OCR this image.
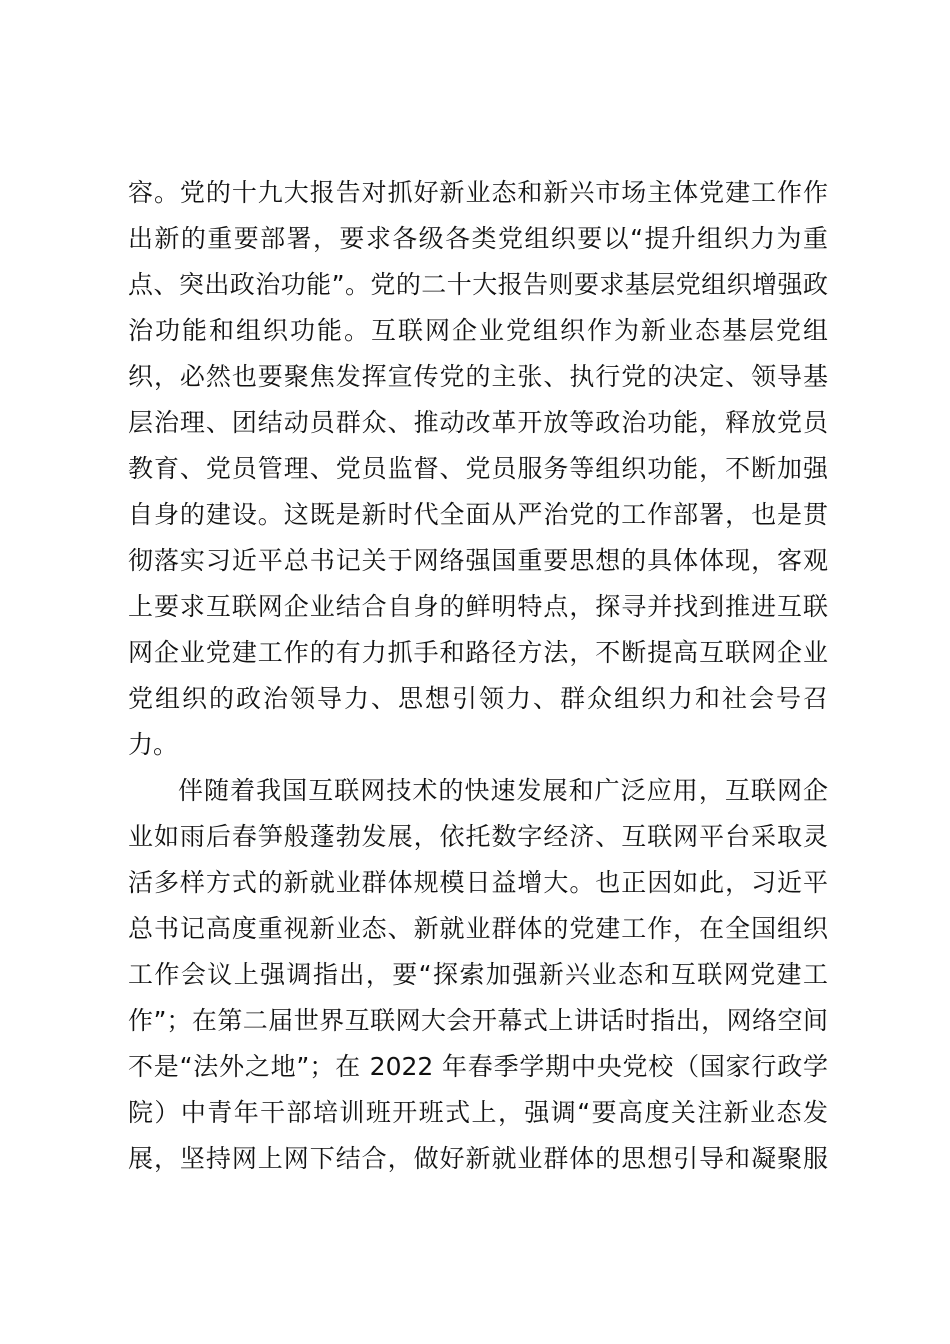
容。党的十九大报告对抓好新业态和新兴市场主体党建工作作
出新的重要部署，要求各级各类党组织要以“提升组织力为重
点、突出政治功能”。党的二十大报告则要求基层党组织增强政
治功能和组织功能。互联网企业党组织作为新业态基层党组
织，必然也要聚焦发挥宣传党的主张、执行党的决定、领导基
层治理、团结动员群众、推动改革开放等政治功能，释放党员
教育、党员管理、党员监督、党员服务等组织功能，不断加强
自身的建设。这既是新时代全面从严治党的工作部署，也是贯
彻落实习近平总书记关于网络强国重要思想的具体体现，客观
上要求互联网企业结合自身的鲜明特点，探寻并找到推进互联
网企业党建工作的有力抓手和路径方法，不断提高互联网企业
党组织的政治领导力、思想引领力、群众组织力和社会号召
力。
伴随着我国互联网技术的快速发展和广泛应用，互联网企
业如雨后春笋般蓬勃发展，依托数字经济、互联网平台采取灵
活多样方式的新就业群体规模日益增大。也正因如此，习近平
总书记高度重视新业态、新就业群体的党建工作，在全国组织
工作会议上强调指出，要“探索加强新兴业态和互联网党建工
作”；在第二届世界互联网大会开幕式上讲话时指出，网络空间
不是“法外之地”；在 2022 年春季学期中央党校（国家行政学
院）中青年干部培训班开班式上，强调“要高度关注新业态发
展，坚持网上网下结合，做好新就业群体的思想引导和凝聚服
